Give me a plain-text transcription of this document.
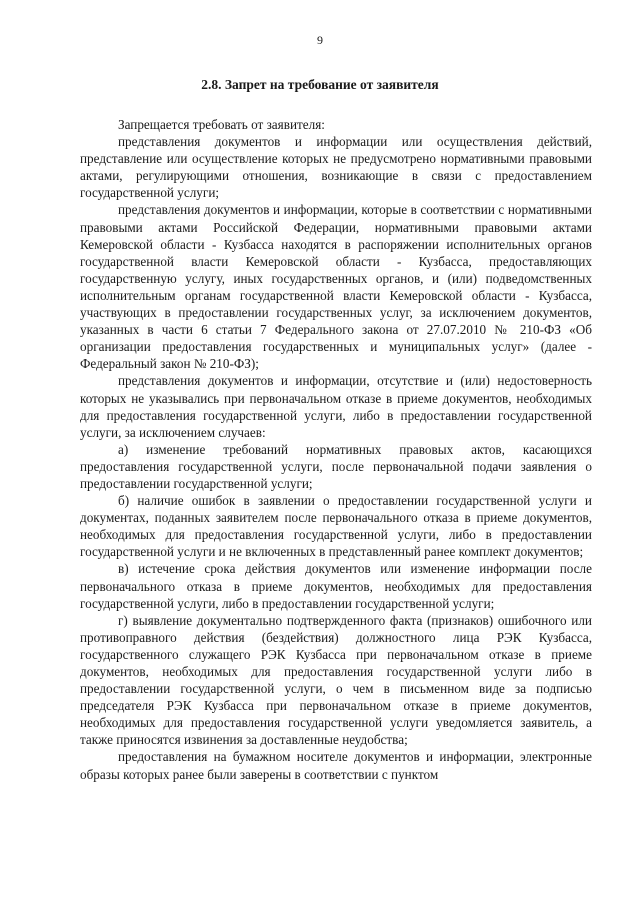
9
2.8. Запрет на требование от заявителя

Запрещается требовать от заявителя:

представления документов и информации или осуществления действий, представление или осуществление которых не предусмотрено нормативными правовыми актами, регулирующими отношения, возникающие в связи с предоставлением государственной услуги;

представления документов и информации, которые в соответствии с нормативными правовыми актами Российской Федерации, нормативными правовыми актами Кемеровской области - Кузбасса находятся в распоряжении исполнительных органов государственной власти Кемеровской области - Кузбасса, предоставляющих государственную услугу, иных государственных органов, и (или) подведомственных исполнительным органам государственной власти Кемеровской области - Кузбасса, участвующих в предоставлении государственных услуг, за исключением документов, указанных в части 6 статьи 7 Федерального закона от 27.07.2010 № 210-ФЗ «Об организации предоставления государственных и муниципальных услуг» (далее - Федеральный закон № 210-ФЗ);

представления документов и информации, отсутствие и (или) недостоверность которых не указывались при первоначальном отказе в приеме документов, необходимых для предоставления государственной услуги, либо в предоставлении государственной услуги, за исключением случаев:

а) изменение требований нормативных правовых актов, касающихся предоставления государственной услуги, после первоначальной подачи заявления о предоставлении государственной услуги;

б) наличие ошибок в заявлении о предоставлении государственной услуги и документах, поданных заявителем после первоначального отказа в приеме документов, необходимых для предоставления государственной услуги, либо в предоставлении государственной услуги и не включенных в представленный ранее комплект документов;

в) истечение срока действия документов или изменение информации после первоначального отказа в приеме документов, необходимых для предоставления государственной услуги, либо в предоставлении государственной услуги;

г) выявление документально подтвержденного факта (признаков) ошибочного или противоправного действия (бездействия) должностного лица РЭК Кузбасса, государственного служащего РЭК Кузбасса при первоначальном отказе в приеме документов, необходимых для предоставления государственной услуги либо в предоставлении государственной услуги, о чем в письменном виде за подписью председателя РЭК Кузбасса при первоначальном отказе в приеме документов, необходимых для предоставления государственной услуги уведомляется заявитель, а также приносятся извинения за доставленные неудобства;

предоставления на бумажном носителе документов и информации, электронные образы которых ранее были заверены в соответствии с пунктом
